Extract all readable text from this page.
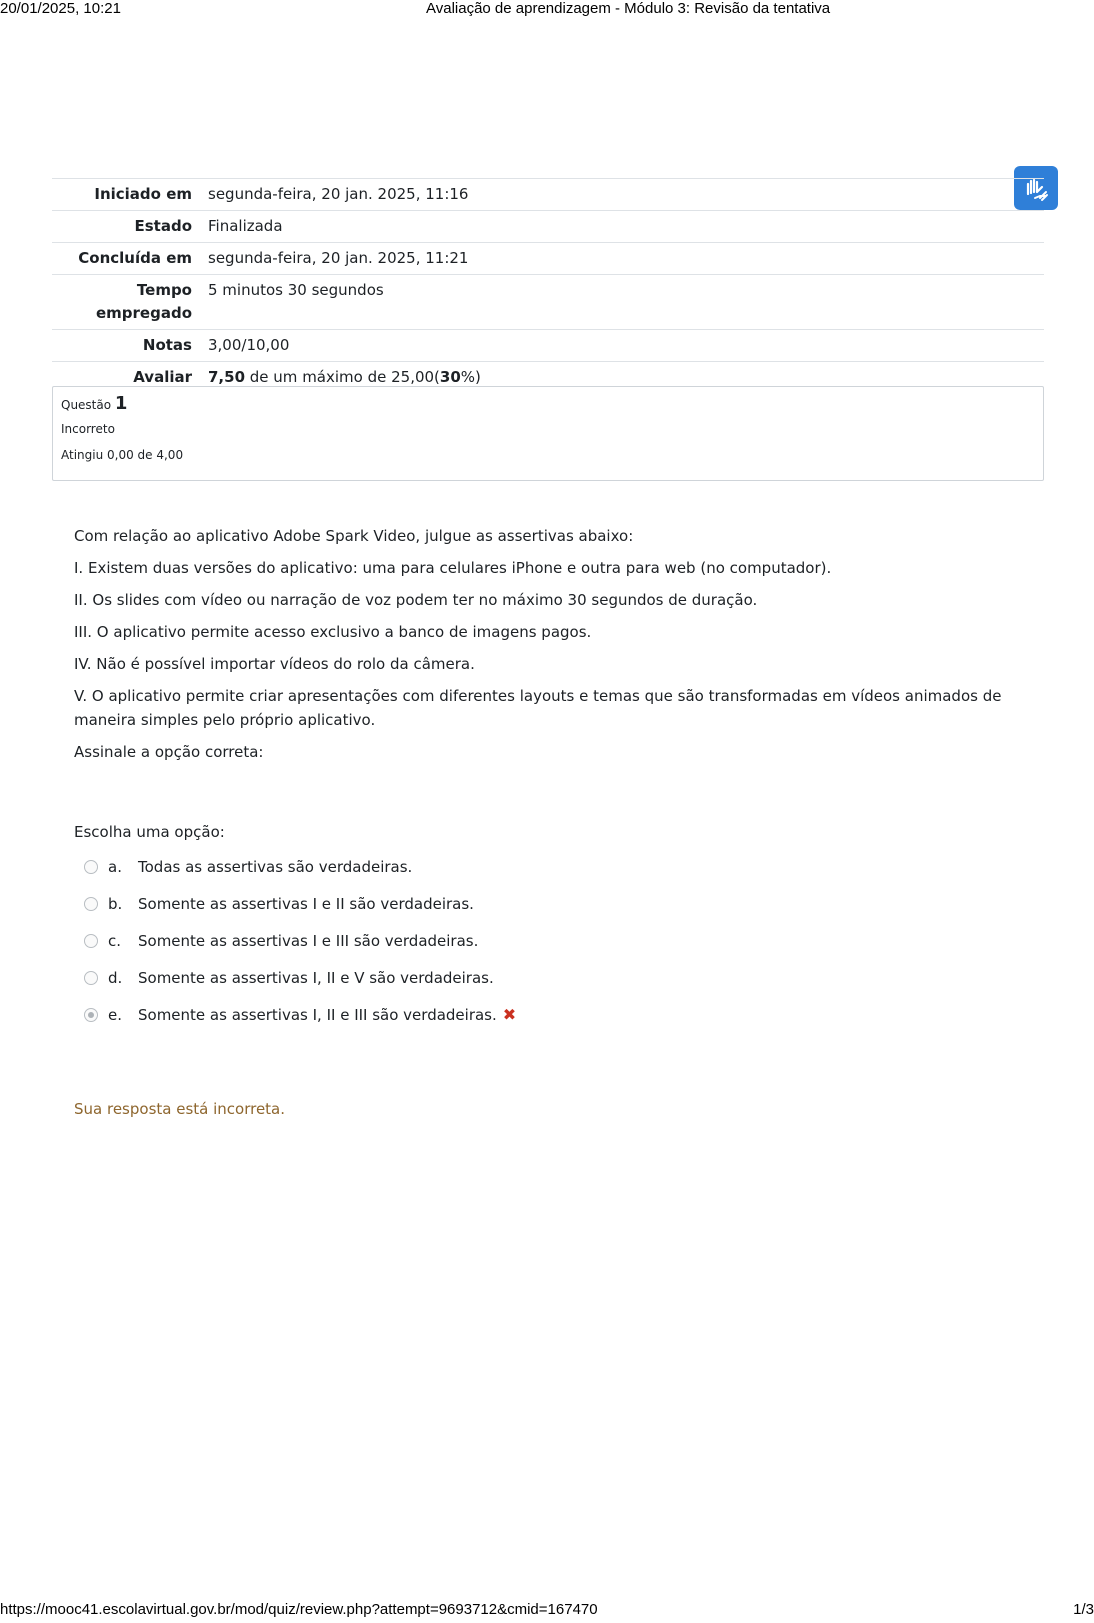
20/01/2025, 10:21	Avaliação de aprendizagem - Módulo 3: Revisão da tentativa
Iniciado em	segunda-feira, 20 jan. 2025, 11:16
Estado	Finalizada
Concluída em	segunda-feira, 20 jan. 2025, 11:21
Tempo empregado	5 minutos 30 segundos
Notas	3,00/10,00
Avaliar	7,50 de um máximo de 25,00(30%)
Questão 1
Incorreto
Atingiu 0,00 de 4,00

Com relação ao aplicativo Adobe Spark Video, julgue as assertivas abaixo:

I. Existem duas versões do aplicativo: uma para celulares iPhone e outra para web (no computador).

II. Os slides com vídeo ou narração de voz podem ter no máximo 30 segundos de duração.

III. O aplicativo permite acesso exclusivo a banco de imagens pagos.

IV. Não é possível importar vídeos do rolo da câmera.

V. O aplicativo permite criar apresentações com diferentes layouts e temas que são transformadas em vídeos animados de maneira simples pelo próprio aplicativo.

Assinale a opção correta:

Escolha uma opção:

a.	Todas as assertivas são verdadeiras.
b.	Somente as assertivas I e II são verdadeiras.
c.	Somente as assertivas I e III são verdadeiras.
d.	Somente as assertivas I, II e V são verdadeiras.
e.	Somente as assertivas I, II e III são verdadeiras. ✖

Sua resposta está incorreta.

https://mooc41.escolavirtual.gov.br/mod/quiz/review.php?attempt=9693712&cmid=167470	1/3
